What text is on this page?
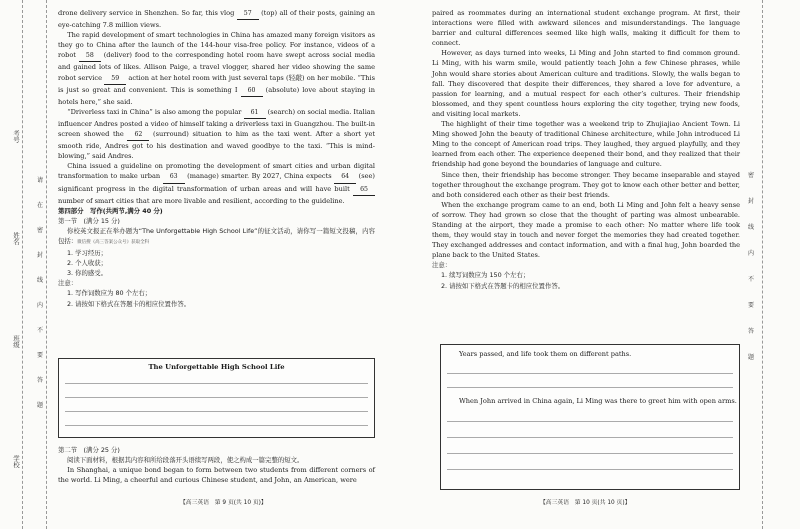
考号
姓名
班级
学校
请
在
密
封
线
内
不
要
答
题
drone delivery service in Shenzhen. So far, this vlog 57 (top) all of their posts, gaining an eye-catching 7.8 million views.
The rapid development of smart technologies in China has amazed many foreign visitors as they go to China after the launch of the 144-hour visa-free policy. For instance, videos of a robot 58 (deliver) food to the corresponding hotel room have swept across social media and gained lots of likes. Allison Paige, a travel vlogger, shared her video showing the same robot service 59 action at her hotel room with just several taps (轻敲) on her mobile. “This is just so great and convenient. This is something I 60 (absolute) love about staying in hotels here,” she said.
“Driverless taxi in China” is also among the popular 61 (search) on social media. Italian influencer Andres posted a video of himself taking a driverless taxi in Guangzhou. The built-in screen showed the 62 (surround) situation to him as the taxi went. After a short yet smooth ride, Andres got to his destination and waved goodbye to the taxi. “This is mind-blowing,” said Andres.
China issued a guideline on promoting the development of smart cities and urban digital transformation to make urban 63 (manage) smarter. By 2027, China expects 64 (see) significant progress in the digital transformation of urban areas and will have built 65 number of smart cities that are more livable and resilient, according to the guideline.
第四部分　写作(共两节,满分 40 分)
第一节　(满分 15 分)
你校英文报正在举办题为“The Unforgettable High School Life”的征文活动，请你写一篇短文投稿，内容包括：微信搜《高三答案公众号》获取全科
1. 学习经历；
2. 个人收获；
3. 你的感受。
注意：
1. 写作词数应为 80 个左右；
2. 请按如下格式在答题卡的相应位置作答。
The Unforgettable High School Life
第二节　(满分 25 分)
阅读下面材料，根据其内容和所给段落开头语续写两段，使之构成一篇完整的短文。
In Shanghai, a unique bond began to form between two students from different corners of the world. Li Ming, a cheerful and curious Chinese student, and John, an American, were
【高三英语　第 9 页(共 10 页)】
paired as roommates during an international student exchange program. At first, their interactions were filled with awkward silences and misunderstandings. The language barrier and cultural differences seemed like high walls, making it difficult for them to connect.
However, as days turned into weeks, Li Ming and John started to find common ground. Li Ming, with his warm smile, would patiently teach John a few Chinese phrases, while John would share stories about American culture and traditions. Slowly, the walls began to fall. They discovered that despite their differences, they shared a love for adventure, a passion for learning, and a mutual respect for each other’s cultures. Their friendship blossomed, and they spent countless hours exploring the city together, trying new foods, and visiting local markets.
The highlight of their time together was a weekend trip to Zhujiajiao Ancient Town. Li Ming showed John the beauty of traditional Chinese architecture, while John introduced Li Ming to the concept of American road trips. They laughed, they argued playfully, and they learned from each other. The experience deepened their bond, and they realized that their friendship had gone beyond the boundaries of language and culture.
Since then, their friendship has become stronger. They became inseparable and stayed together throughout the exchange program. They got to know each other better and better, and both considered each other as their best friends.
When the exchange program came to an end, both Li Ming and John felt a heavy sense of sorrow. They had grown so close that the thought of parting was almost unbearable. Standing at the airport, they made a promise to each other: No matter where life took them, they would stay in touch and never forget the memories they had created together. They exchanged addresses and contact information, and with a final hug, John boarded the plane back to the United States.
注意：
1. 续写词数应为 150 个左右；
2. 请按如下格式在答题卡的相应位置作答。
Years passed, and life took them on different paths.
When John arrived in China again, Li Ming was there to greet him with open arms.
密
封
线
内
不
要
答
题
【高三英语　第 10 页(共 10 页)】
